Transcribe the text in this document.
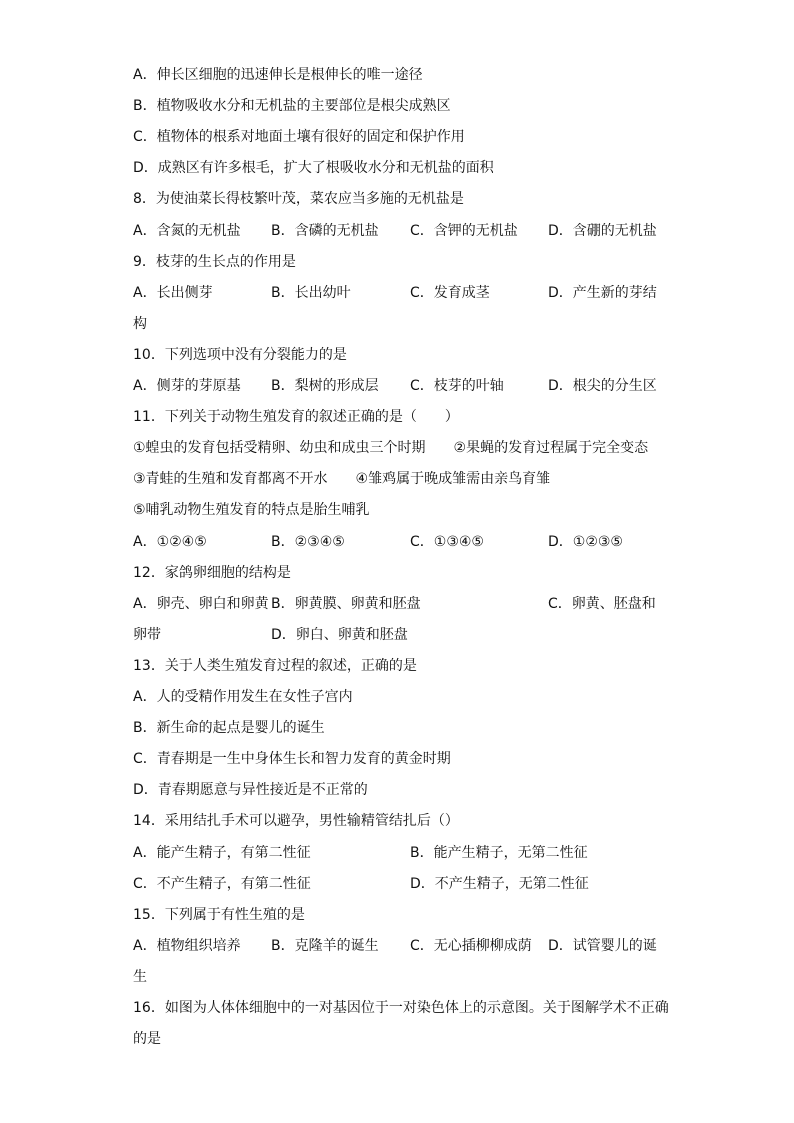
A．伸长区细胞的迅速伸长是根伸长的唯一途径
B．植物吸收水分和无机盐的主要部位是根尖成熟区
C．植物体的根系对地面土壤有很好的固定和保护作用
D．成熟区有许多根毛，扩大了根吸收水分和无机盐的面积
8．为使油菜长得枝繁叶茂，菜农应当多施的无机盐是
A．含氮的无机盐 B．含磷的无机盐 C．含钾的无机盐 D．含硼的无机盐
9．枝芽的生长点的作用是
A．长出侧芽	B．长出幼叶	C．发育成茎	D．产生新的芽结
构
10．下列选项中没有分裂能力的是
A．侧芽的芽原基 B．梨树的形成层 C．枝芽的叶轴	D．根尖的分生区
11．下列关于动物生殖发育的叙述正确的是（　　）
①蝗虫的发育包括受精卵、幼虫和成虫三个时期　　②果蝇的发育过程属于完全变态
③青蛙的生殖和发育都离不开水　　④雏鸡属于晚成雏需由亲鸟育雏
⑤哺乳动物生殖发育的特点是胎生哺乳
A．①②④⑤	B．②③④⑤	C．①③④⑤	D．①②③⑤
12．家鸽卵细胞的结构是
A．卵壳、卵白和卵黄 B．卵黄膜、卵黄和胚盘	C．卵黄、胚盘和
卵带	D．卵白、卵黄和胚盘
13．关于人类生殖发育过程的叙述，正确的是
A．人的受精作用发生在女性子宫内
B．新生命的起点是婴儿的诞生
C．青春期是一生中身体生长和智力发育的黄金时期
D．青春期愿意与异性接近是不正常的
14．采用结扎手术可以避孕，男性输精管结扎后（）
A．能产生精子，有第二性征	B．能产生精子，无第二性征
C．不产生精子，有第二性征	D．不产生精子，无第二性征
15．下列属于有性生殖的是
A．植物组织培养 B．克隆羊的诞生 C．无心插柳柳成荫 D．试管婴儿的诞
生
16．如图为人体体细胞中的一对基因位于一对染色体上的示意图。关于图解学术不正确
的是
